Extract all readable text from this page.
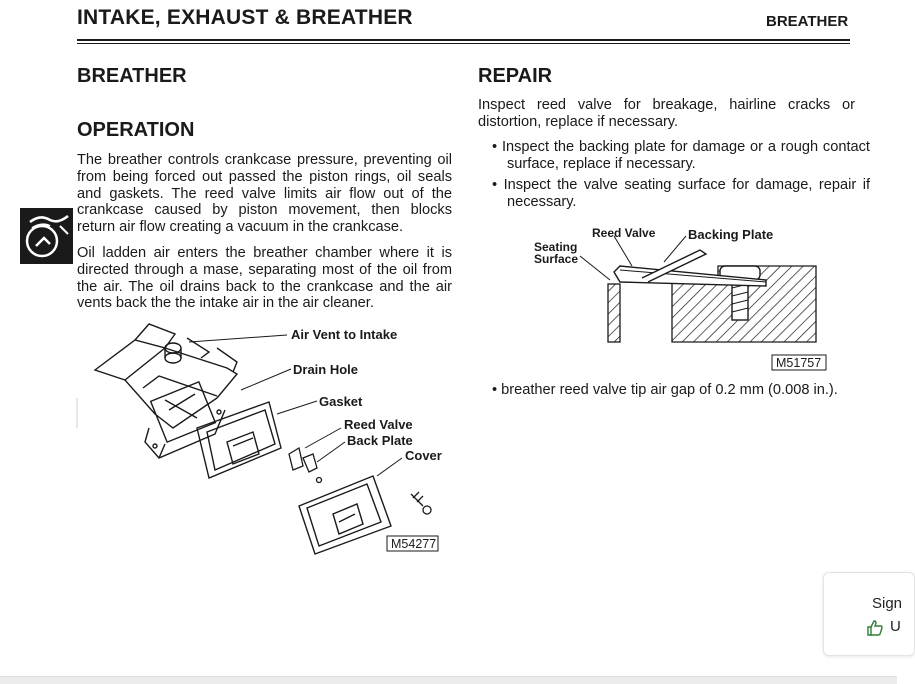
INTAKE, EXHAUST & BREATHER	BREATHER
BREATHER
OPERATION

The breather controls crankcase pressure, preventing oil from being forced out passed the piston rings, oil seals and gaskets. The reed valve limits air flow out of the crankcase caused by piston movement, then blocks return air flow creating a vacuum in the crankcase.

Oil ladden air enters the breather chamber where it is directed through a mase, separating most of the oil from the air. The oil drains back to the crankcase and the air vents back the the intake air in the air cleaner.

Air Vent to Intake
Drain Hole
Gasket
Reed Valve
Back Plate
Cover
M54277
REPAIR

Inspect reed valve for breakage, hairline cracks or distortion, replace if necessary.

• Inspect the backing plate for damage or a rough contact surface, replace if necessary.

• Inspect the valve seating surface for damage, repair if necessary.

Reed Valve	Backing Plate
Seating
Surface
M51757

• breather reed valve tip air gap of 0.2 mm (0.008 in.).

Sign
U
